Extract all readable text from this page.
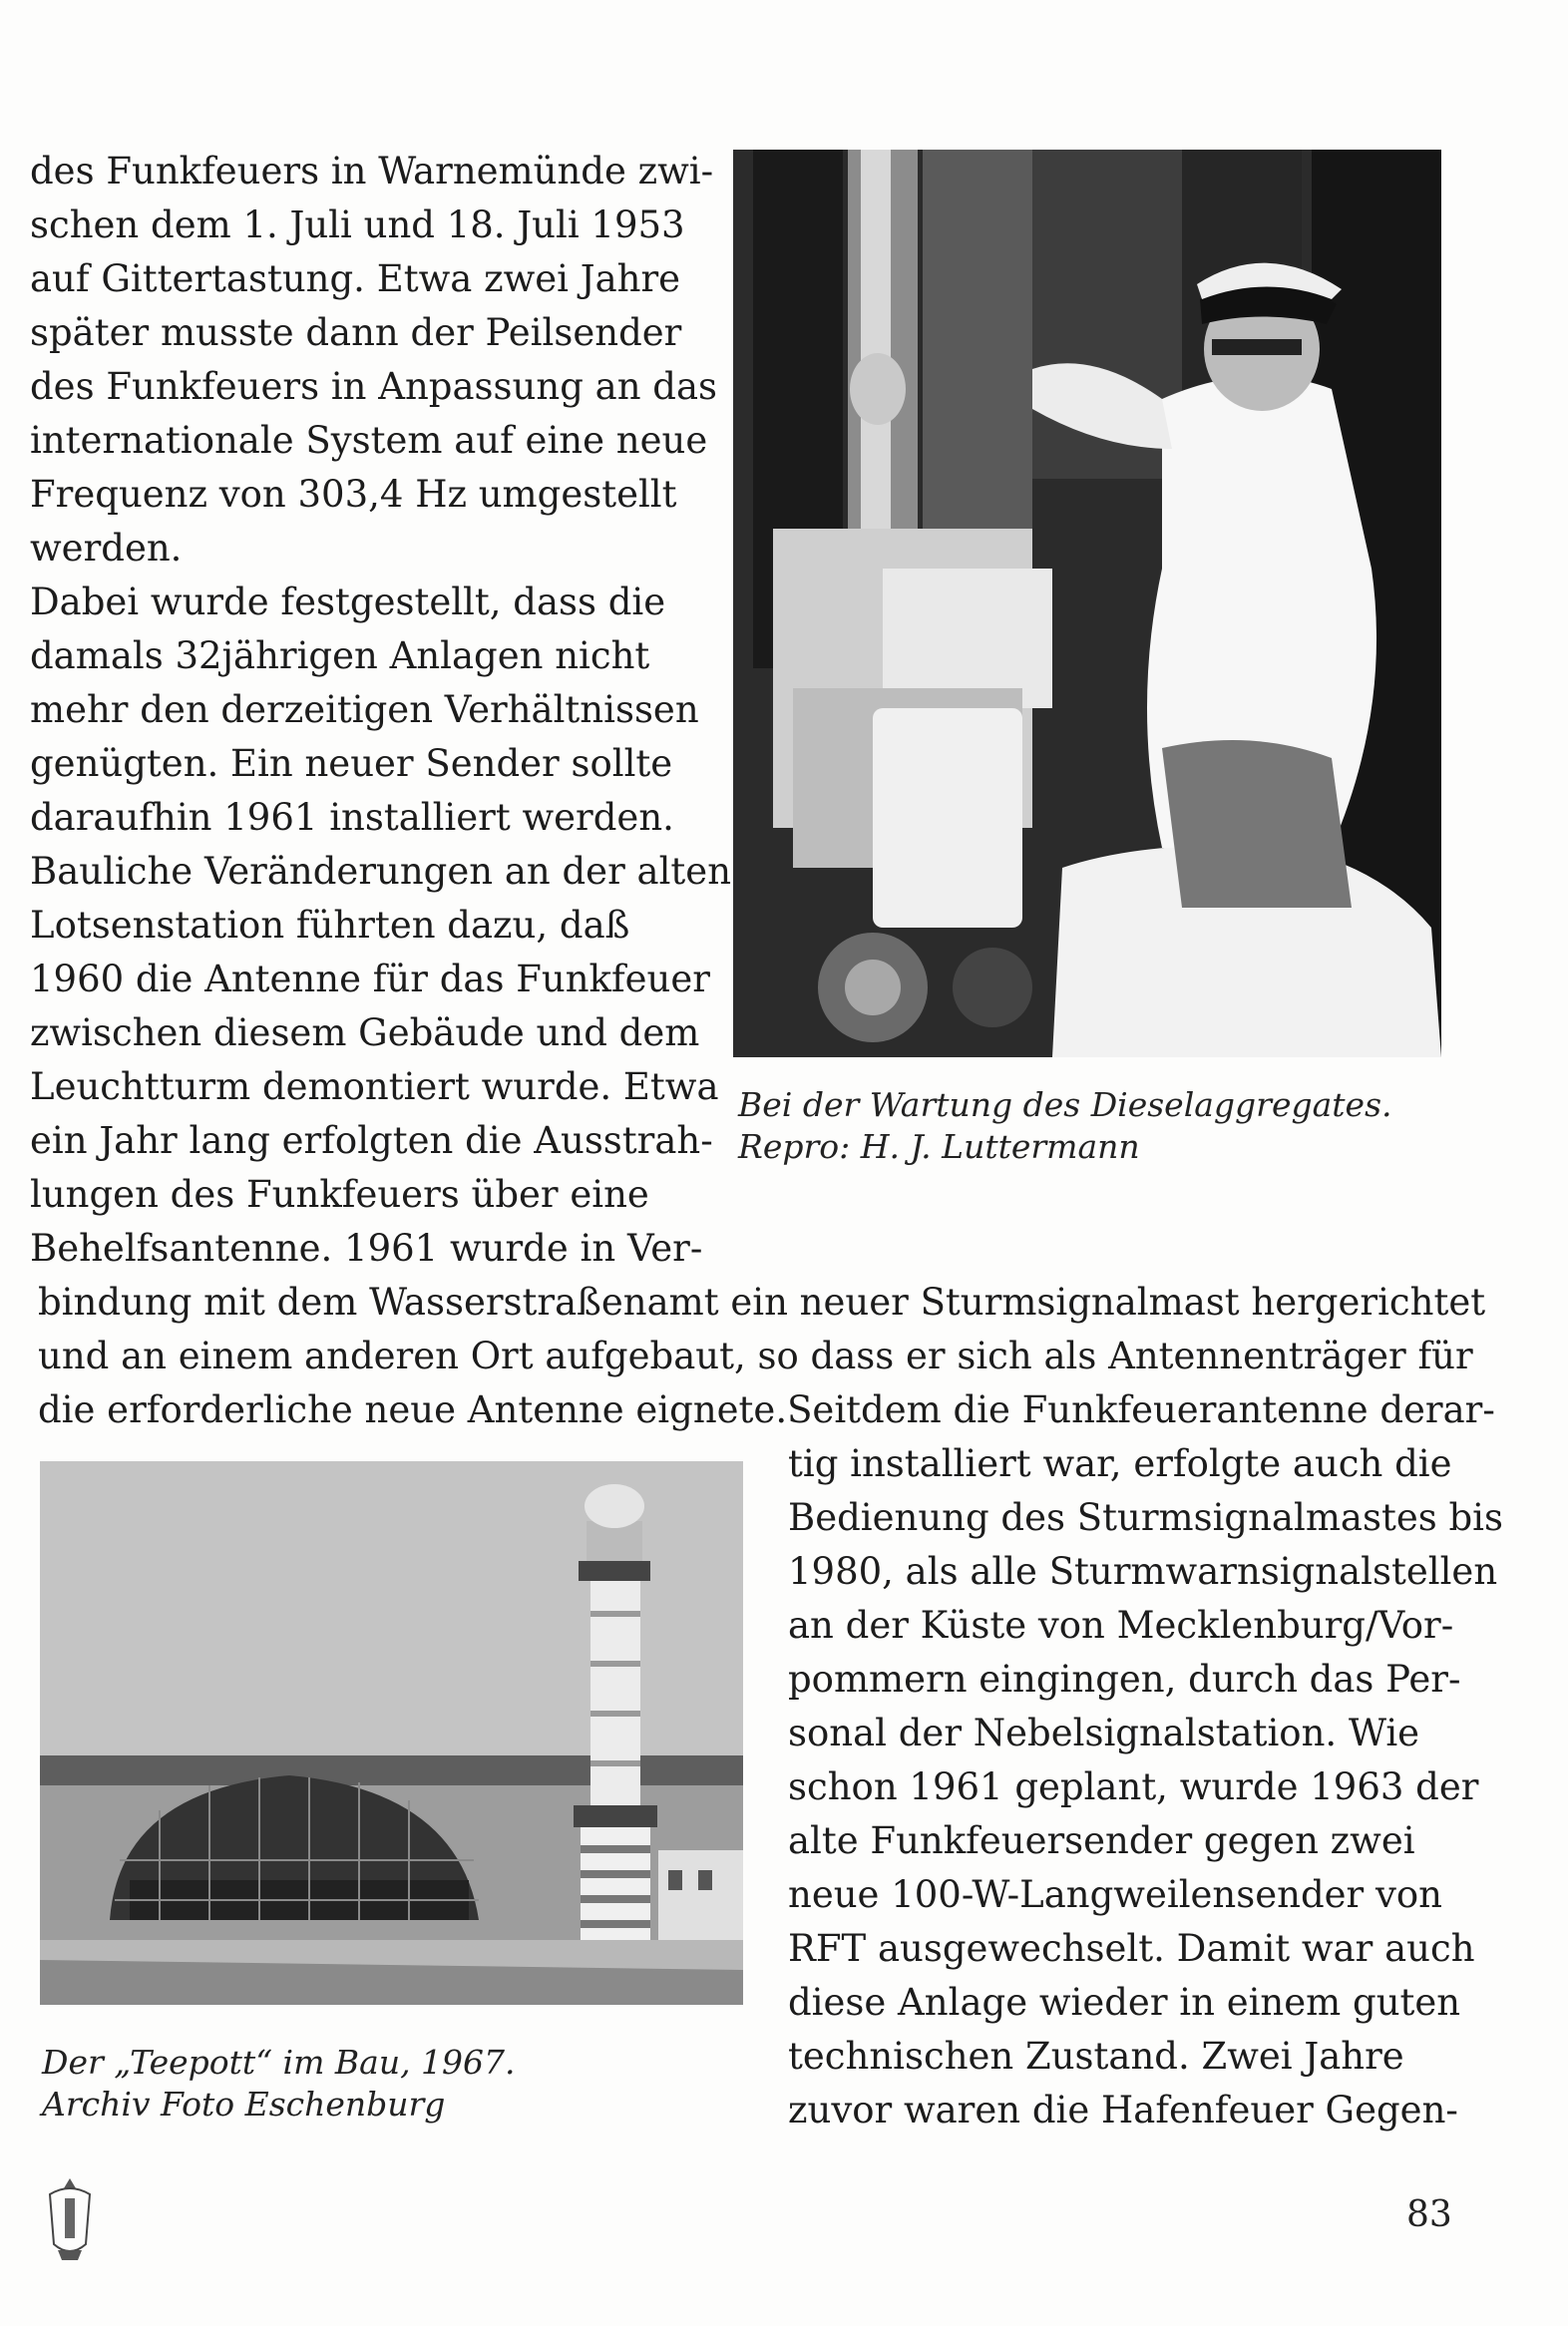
des Funkfeuers in Warnemünde zwi-
schen dem 1. Juli und 18. Juli 1953
auf Gittertastung. Etwa zwei Jahre
später musste dann der Peilsender
des Funkfeuers in Anpassung an das
internationale System auf eine neue
Frequenz von 303,4 Hz umgestellt
werden.
Dabei wurde festgestellt, dass die
damals 32jährigen Anlagen nicht
mehr den derzeitigen Verhältnissen
genügten. Ein neuer Sender sollte
daraufhin 1961 installiert werden.
Bauliche Veränderungen an der alten
Lotsenstation führten dazu, daß
1960 die Antenne für das Funkfeuer
zwischen diesem Gebäude und dem
Leuchtturm demontiert wurde. Etwa
ein Jahr lang erfolgten die Ausstrah-
lungen des Funkfeuers über eine
Behelfsantenne. 1961 wurde in Ver-
Bei der Wartung des Dieselaggregates.
Repro: H. J. Luttermann
bindung mit dem Wasserstraßenamt ein neuer Sturmsignalmast hergerichtet
und an einem anderen Ort aufgebaut, so dass er sich als Antennenträger für
die erforderliche neue Antenne eignete.Seitdem die Funkfeuerantenne derar-
Der „Teepott“ im Bau, 1967.
Archiv Foto Eschenburg
tig installiert war, erfolgte auch die
Bedienung des Sturmsignalmastes bis
1980, als alle Sturmwarnsignalstellen
an der Küste von Mecklenburg/Vor-
pommern eingingen, durch das Per-
sonal der Nebelsignalstation. Wie
schon 1961 geplant, wurde 1963 der
alte Funkfeuersender gegen zwei
neue 100-W-Langweilensender von
RFT ausgewechselt. Damit war auch
diese Anlage wieder in einem guten
technischen Zustand. Zwei Jahre
zuvor waren die Hafenfeuer Gegen-
83
